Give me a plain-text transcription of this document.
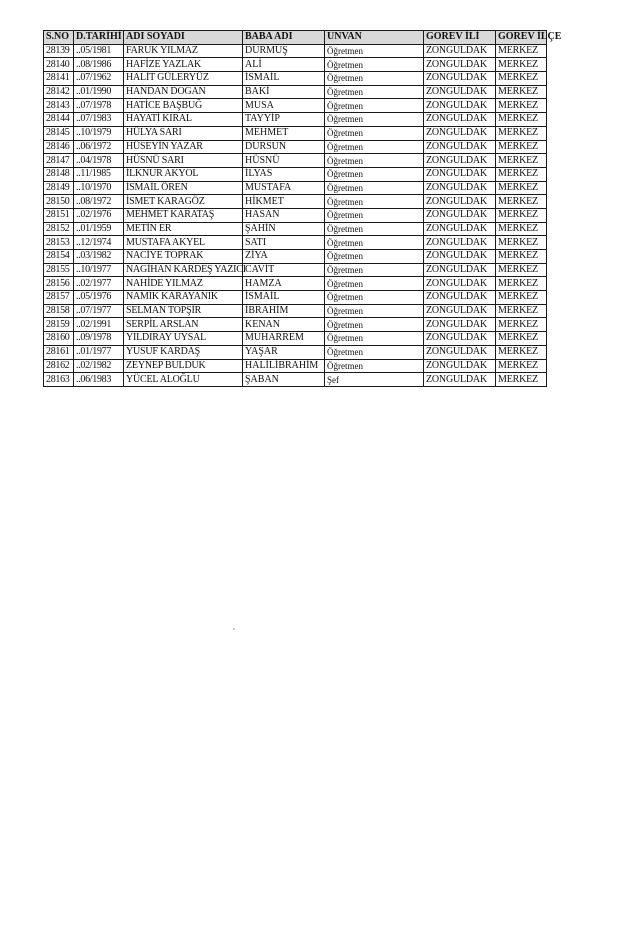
S.NO	D.TARİHİ	ADI SOYADI	BABA ADI	UNVAN	GOREV İLİ	GOREV İLÇE
28139	..05/1981	FARUK YILMAZ	DURMUŞ	Öğretmen	ZONGULDAK	MERKEZ
28140	..08/1986	HAFİZE YAZLAK	ALİ	Öğretmen	ZONGULDAK	MERKEZ
28141	..07/1962	HALİT GÜLERYÜZ	İSMAİL	Öğretmen	ZONGULDAK	MERKEZ
28142	..01/1990	HANDAN DOĞAN	BAKİ	Öğretmen	ZONGULDAK	MERKEZ
28143	..07/1978	HATİCE BAŞBUĞ	MUSA	Öğretmen	ZONGULDAK	MERKEZ
28144	..07/1983	HAYATİ KIRAL	TAYYİP	Öğretmen	ZONGULDAK	MERKEZ
28145	..10/1979	HÜLYA SARI	MEHMET	Öğretmen	ZONGULDAK	MERKEZ
28146	..06/1972	HÜSEYİN YAZAR	DURSUN	Öğretmen	ZONGULDAK	MERKEZ
28147	..04/1978	HÜSNÜ SARI	HÜSNÜ	Öğretmen	ZONGULDAK	MERKEZ
28148	..11/1985	İLKNUR AKYOL	İLYAS	Öğretmen	ZONGULDAK	MERKEZ
28149	..10/1970	İSMAİL ÖREN	MUSTAFA	Öğretmen	ZONGULDAK	MERKEZ
28150	..08/1972	İSMET KARAGÖZ	HİKMET	Öğretmen	ZONGULDAK	MERKEZ
28151	..02/1976	MEHMET KARATAŞ	HASAN	Öğretmen	ZONGULDAK	MERKEZ
28152	..01/1959	METİN ER	ŞAHİN	Öğretmen	ZONGULDAK	MERKEZ
28153	..12/1974	MUSTAFA AKYEL	SATI	Öğretmen	ZONGULDAK	MERKEZ
28154	..03/1982	NACİYE TOPRAK	ZİYA	Öğretmen	ZONGULDAK	MERKEZ
28155	..10/1977	NAGİHAN KARDEŞ YAZICI	CAVİT	Öğretmen	ZONGULDAK	MERKEZ
28156	..02/1977	NAHİDE YILMAZ	HAMZA	Öğretmen	ZONGULDAK	MERKEZ
28157	..05/1976	NAMIK KARAYANIK	İSMAİL	Öğretmen	ZONGULDAK	MERKEZ
28158	..07/1977	SELMAN TOPŞİR	İBRAHİM	Öğretmen	ZONGULDAK	MERKEZ
28159	..02/1991	SERPİL ARSLAN	KENAN	Öğretmen	ZONGULDAK	MERKEZ
28160	..09/1978	YILDIRAY UYSAL	MUHARREM	Öğretmen	ZONGULDAK	MERKEZ
28161	..01/1977	YUSUF KARDAŞ	YAŞAR	Öğretmen	ZONGULDAK	MERKEZ
28162	..02/1982	ZEYNEP BULDUK	HALİLİBRAHİM	Öğretmen	ZONGULDAK	MERKEZ
28163	..06/1983	YÜCEL ALOĞLU	ŞABAN	Şef	ZONGULDAK	MERKEZ
